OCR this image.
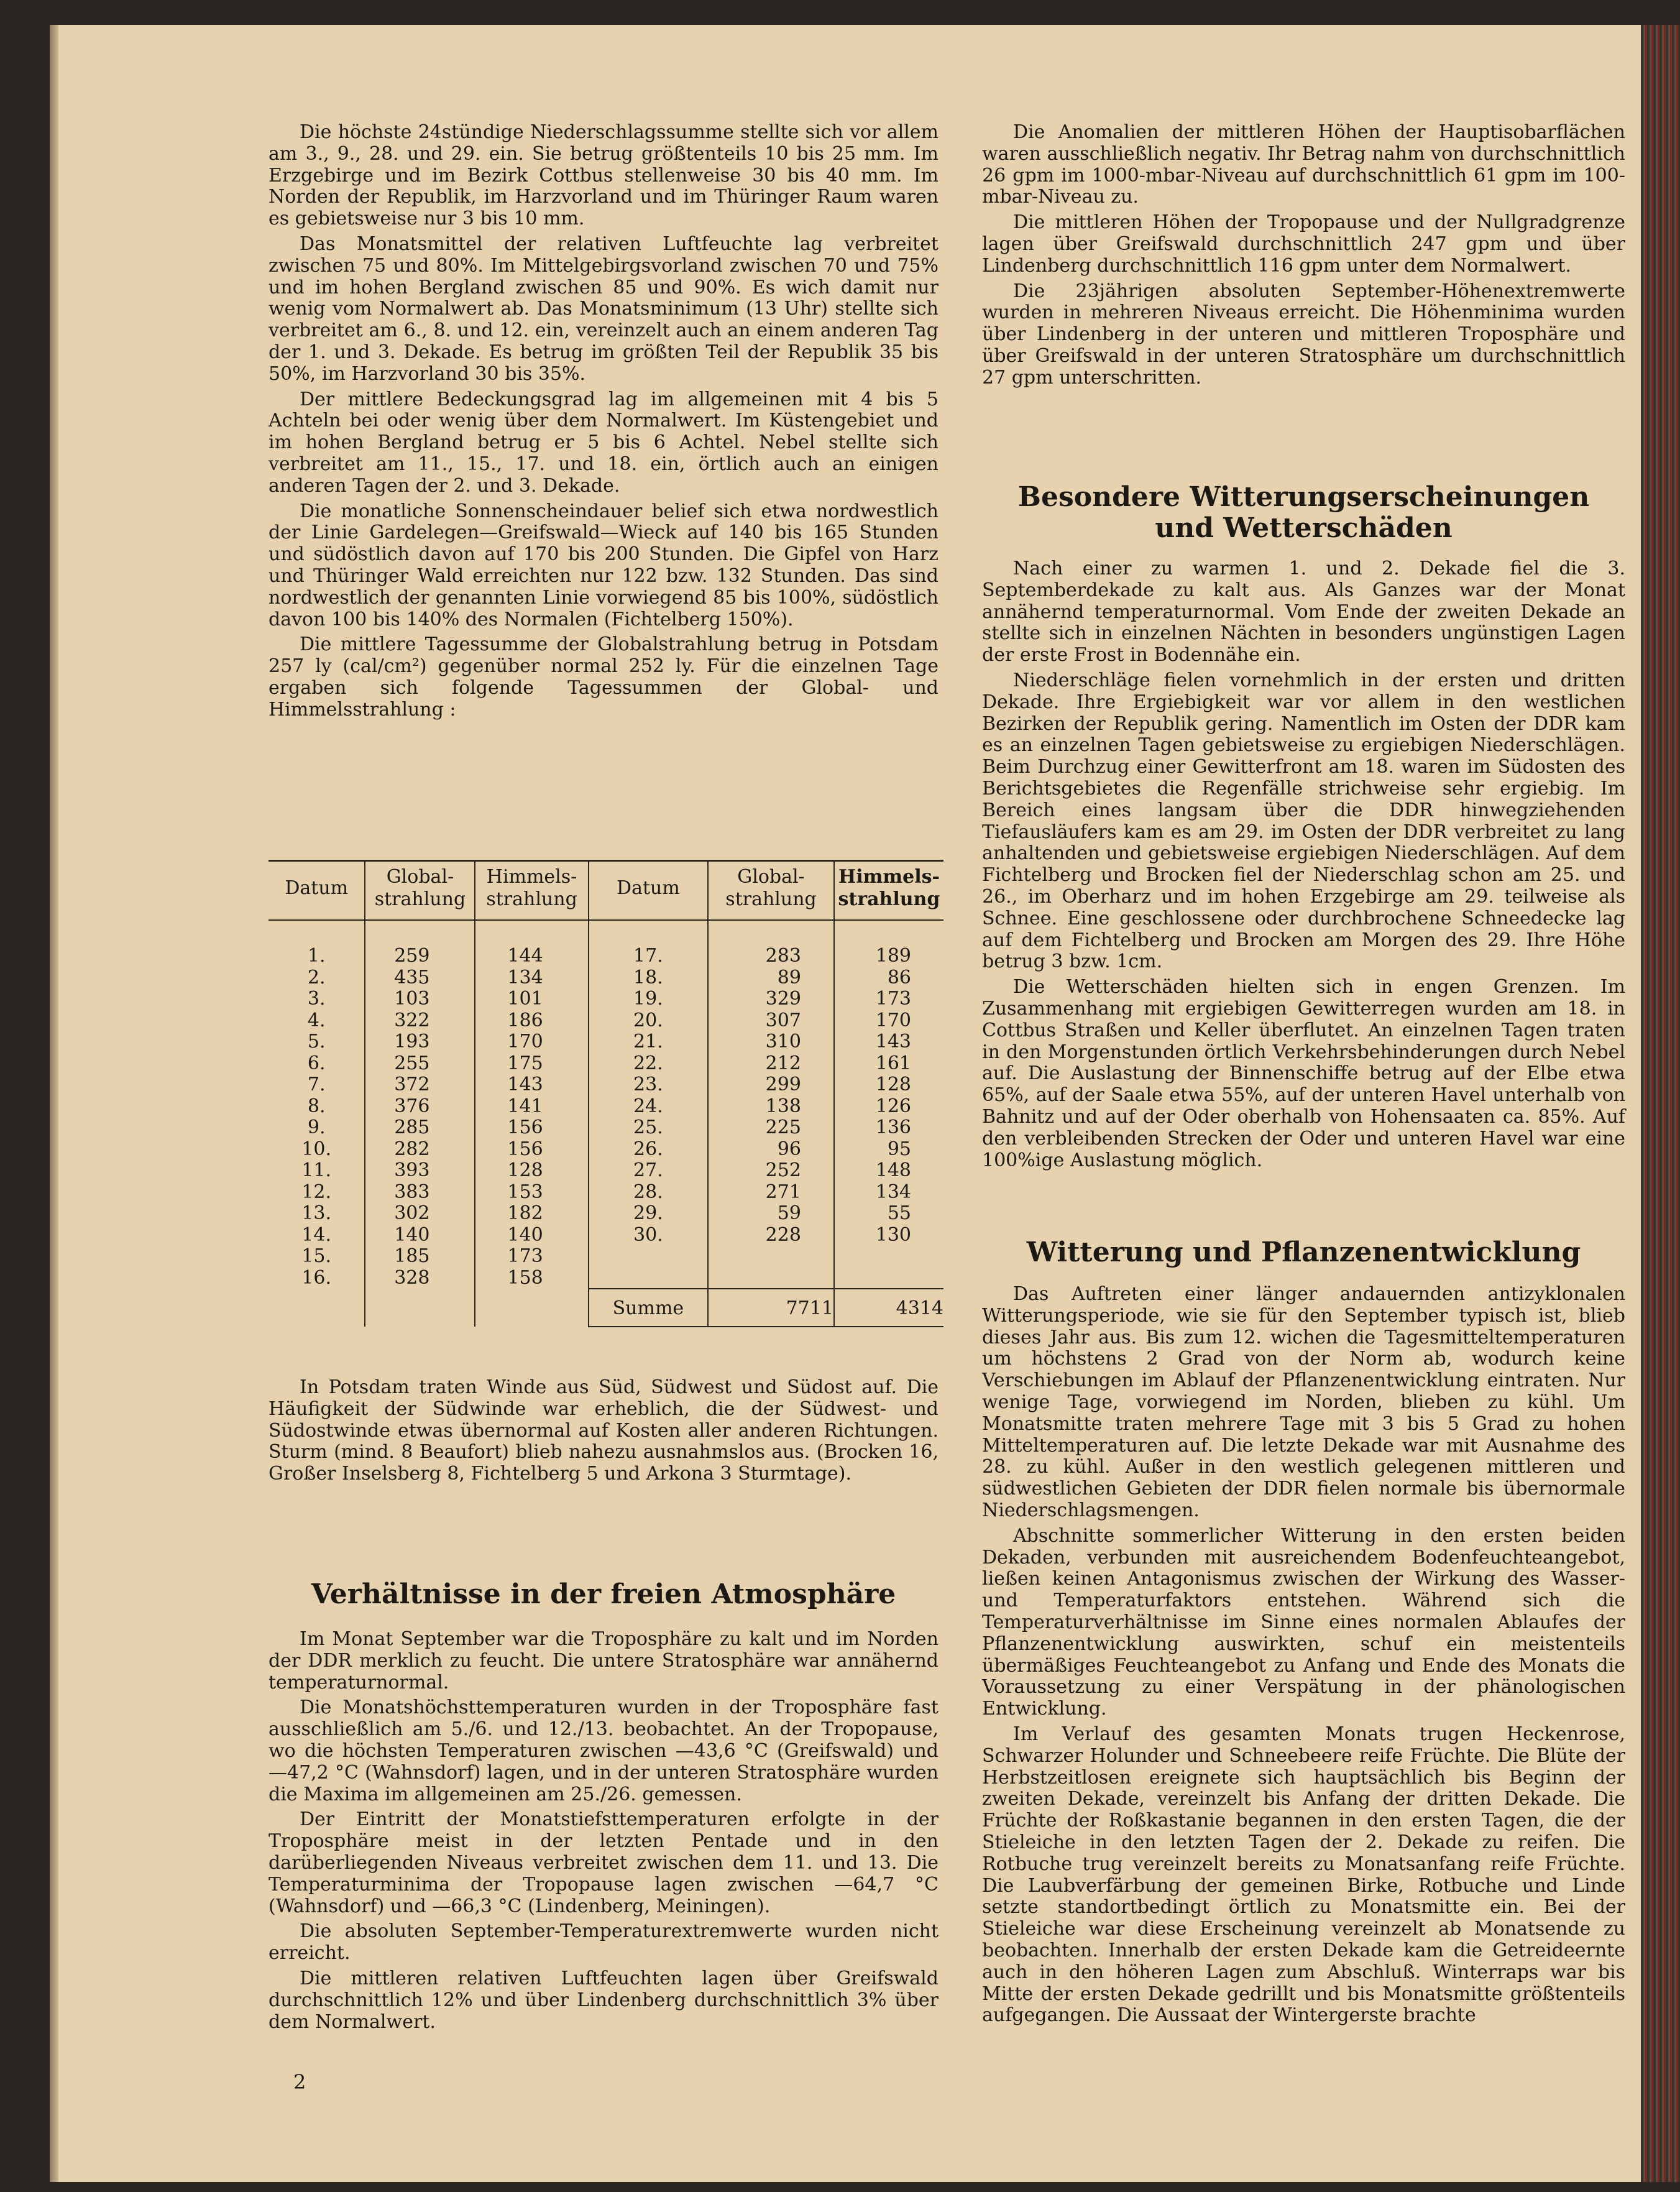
Die höchste 24stündige Niederschlagssumme stellte sich vor allem am 3., 9., 28. und 29. ein. Sie betrug größtenteils 10 bis 25 mm. Im Erzgebirge und im Bezirk Cottbus stellenweise 30 bis 40 mm. Im Norden der Republik, im Harzvorland und im Thüringer Raum waren es gebietsweise nur 3 bis 10 mm.

Das Monatsmittel der relativen Luftfeuchte lag verbreitet zwischen 75 und 80%. Im Mittelgebirgsvorland zwischen 70 und 75% und im hohen Bergland zwischen 85 und 90%. Es wich damit nur wenig vom Normalwert ab. Das Monatsminimum (13 Uhr) stellte sich verbreitet am 6., 8. und 12. ein, vereinzelt auch an einem anderen Tag der 1. und 3. Dekade. Es betrug im größten Teil der Republik 35 bis 50%, im Harzvorland 30 bis 35%.

Der mittlere Bedeckungsgrad lag im allgemeinen mit 4 bis 5 Achteln bei oder wenig über dem Normalwert. Im Küstengebiet und im hohen Bergland betrug er 5 bis 6 Achtel. Nebel stellte sich verbreitet am 11., 15., 17. und 18. ein, örtlich auch an einigen anderen Tagen der 2. und 3. Dekade.

Die monatliche Sonnenscheindauer belief sich etwa nordwestlich der Linie Gardelegen—Greifswald—Wieck auf 140 bis 165 Stunden und südöstlich davon auf 170 bis 200 Stunden. Die Gipfel von Harz und Thüringer Wald erreichten nur 122 bzw. 132 Stunden. Das sind nordwestlich der genannten Linie vorwiegend 85 bis 100%, südöstlich davon 100 bis 140% des Normalen (Fichtelberg 150%).

Die mittlere Tagessumme der Globalstrahlung betrug in Potsdam 257 ly (cal/cm²) gegenüber normal 252 ly. Für die einzelnen Tage ergaben sich folgende Tagessummen der Global- und Himmelsstrahlung :

Datum	Global-strahlung	Himmels-strahlung	Datum	Global-strahlung	Himmels-strahlung
1.	259	144	17.	283	189
2.	435	134	18.	89	86
3.	103	101	19.	329	173
4.	322	186	20.	307	170
5.	193	170	21.	310	143
6.	255	175	22.	212	161
7.	372	143	23.	299	128
8.	376	141	24.	138	126
9.	285	156	25.	225	136
10.	282	156	26.	96	95
11.	393	128	27.	252	148
12.	383	153	28.	271	134
13.	302	182	29.	59	55
14.	140	140	30.	228	130
15.	185	173			
16.	328	158			
			Summe	7711	4314

In Potsdam traten Winde aus Süd, Südwest und Südost auf. Die Häufigkeit der Südwinde war erheblich, die der Südwest- und Südostwinde etwas übernormal auf Kosten aller anderen Richtungen. Sturm (mind. 8 Beaufort) blieb nahezu ausnahmslos aus. (Brocken 16, Großer Inselsberg 8, Fichtelberg 5 und Arkona 3 Sturmtage).

Verhältnisse in der freien Atmosphäre

Im Monat September war die Troposphäre zu kalt und im Norden der DDR merklich zu feucht. Die untere Stratosphäre war annähernd temperaturnormal.

Die Monatshöchsttemperaturen wurden in der Troposphäre fast ausschließlich am 5./6. und 12./13. beobachtet. An der Tropopause, wo die höchsten Temperaturen zwischen —43,6 °C (Greifswald) und —47,2 °C (Wahnsdorf) lagen, und in der unteren Stratosphäre wurden die Maxima im allgemeinen am 25./26. gemessen.

Der Eintritt der Monatstiefsttemperaturen erfolgte in der Troposphäre meist in der letzten Pentade und in den darüberliegenden Niveaus verbreitet zwischen dem 11. und 13. Die Temperaturminima der Tropopause lagen zwischen —64,7 °C (Wahnsdorf) und —66,3 °C (Lindenberg, Meiningen).

Die absoluten September-Temperaturextremwerte wurden nicht erreicht.

Die mittleren relativen Luftfeuchten lagen über Greifswald durchschnittlich 12% und über Lindenberg durchschnittlich 3% über dem Normalwert.

Die Anomalien der mittleren Höhen der Hauptisobarflächen waren ausschließlich negativ. Ihr Betrag nahm von durchschnittlich 26 gpm im 1000-mbar-Niveau auf durchschnittlich 61 gpm im 100-mbar-Niveau zu.

Die mittleren Höhen der Tropopause und der Nullgradgrenze lagen über Greifswald durchschnittlich 247 gpm und über Lindenberg durchschnittlich 116 gpm unter dem Normalwert.

Die 23jährigen absoluten September-Höhenextremwerte wurden in mehreren Niveaus erreicht. Die Höhenminima wurden über Lindenberg in der unteren und mittleren Troposphäre und über Greifswald in der unteren Stratosphäre um durchschnittlich 27 gpm unterschritten.

Besondere Witterungserscheinungen
und Wetterschäden

Nach einer zu warmen 1. und 2. Dekade fiel die 3. Septemberdekade zu kalt aus. Als Ganzes war der Monat annähernd temperaturnormal. Vom Ende der zweiten Dekade an stellte sich in einzelnen Nächten in besonders ungünstigen Lagen der erste Frost in Bodennähe ein.

Niederschläge fielen vornehmlich in der ersten und dritten Dekade. Ihre Ergiebigkeit war vor allem in den westlichen Bezirken der Republik gering. Namentlich im Osten der DDR kam es an einzelnen Tagen gebietsweise zu ergiebigen Niederschlägen. Beim Durchzug einer Gewitterfront am 18. waren im Südosten des Berichtsgebietes die Regenfälle strichweise sehr ergiebig. Im Bereich eines langsam über die DDR hinwegziehenden Tiefausläufers kam es am 29. im Osten der DDR verbreitet zu lang anhaltenden und gebietsweise ergiebigen Niederschlägen. Auf dem Fichtelberg und Brocken fiel der Niederschlag schon am 25. und 26., im Oberharz und im hohen Erzgebirge am 29. teilweise als Schnee. Eine geschlossene oder durchbrochene Schneedecke lag auf dem Fichtelberg und Brocken am Morgen des 29. Ihre Höhe betrug 3 bzw. 1cm.

Die Wetterschäden hielten sich in engen Grenzen. Im Zusammenhang mit ergiebigen Gewitterregen wurden am 18. in Cottbus Straßen und Keller überflutet. An einzelnen Tagen traten in den Morgenstunden örtlich Verkehrsbehinderungen durch Nebel auf. Die Auslastung der Binnenschiffe betrug auf der Elbe etwa 65%, auf der Saale etwa 55%, auf der unteren Havel unterhalb von Bahnitz und auf der Oder oberhalb von Hohensaaten ca. 85%. Auf den verbleibenden Strecken der Oder und unteren Havel war eine 100%ige Auslastung möglich.

Witterung und Pflanzenentwicklung

Das Auftreten einer länger andauernden antizyklonalen Witterungsperiode, wie sie für den September typisch ist, blieb dieses Jahr aus. Bis zum 12. wichen die Tagesmitteltemperaturen um höchstens 2 Grad von der Norm ab, wodurch keine Verschiebungen im Ablauf der Pflanzenentwicklung eintraten. Nur wenige Tage, vorwiegend im Norden, blieben zu kühl. Um Monatsmitte traten mehrere Tage mit 3 bis 5 Grad zu hohen Mitteltemperaturen auf. Die letzte Dekade war mit Ausnahme des 28. zu kühl. Außer in den westlich gelegenen mittleren und südwestlichen Gebieten der DDR fielen normale bis übernormale Niederschlagsmengen.

Abschnitte sommerlicher Witterung in den ersten beiden Dekaden, verbunden mit ausreichendem Bodenfeuchteangebot, ließen keinen Antagonismus zwischen der Wirkung des Wasser- und Temperaturfaktors entstehen. Während sich die Temperaturverhältnisse im Sinne eines normalen Ablaufes der Pflanzenentwicklung auswirkten, schuf ein meistenteils übermäßiges Feuchteangebot zu Anfang und Ende des Monats die Voraussetzung zu einer Verspätung in der phänologischen Entwicklung.

Im Verlauf des gesamten Monats trugen Heckenrose, Schwarzer Holunder und Schneebeere reife Früchte. Die Blüte der Herbstzeitlosen ereignete sich hauptsächlich bis Beginn der zweiten Dekade, vereinzelt bis Anfang der dritten Dekade. Die Früchte der Roßkastanie begannen in den ersten Tagen, die der Stieleiche in den letzten Tagen der 2. Dekade zu reifen. Die Rotbuche trug vereinzelt bereits zu Monatsanfang reife Früchte. Die Laubverfärbung der gemeinen Birke, Rotbuche und Linde setzte standortbedingt örtlich zu Monatsmitte ein. Bei der Stieleiche war diese Erscheinung vereinzelt ab Monatsende zu beobachten. Innerhalb der ersten Dekade kam die Getreideernte auch in den höheren Lagen zum Abschluß. Winterraps war bis Mitte der ersten Dekade gedrillt und bis Monatsmitte größtenteils aufgegangen. Die Aussaat der Wintergerste brachte

2
